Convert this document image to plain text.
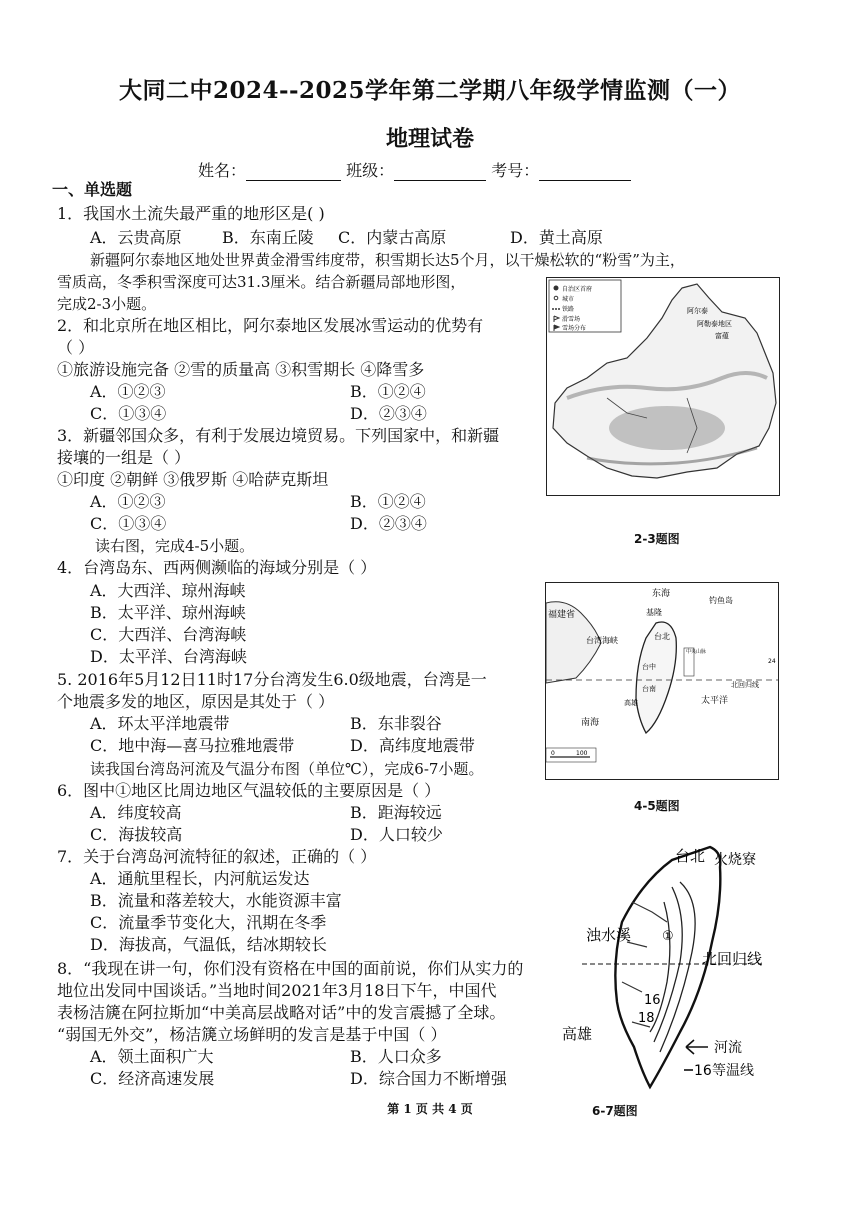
大同二中2024--2025学年第二学期八年级学情监测（一）
地理试卷
姓名：	班级：	考号：
一、单选题
1．我国水土流失最严重的地形区是( )
A．云贵高原	B．东南丘陵 C．内蒙古高原	D．黄土高原
新疆阿尔泰地区地处世界黄金滑雪纬度带，积雪期长达5个月，以干燥松软的“粉雪”为主，
雪质高，冬季积雪深度可达31.3厘米。结合新疆局部地形图，
完成2-3小题。
2．和北京所在地区相比，阿尔泰地区发展冰雪运动的优势有
（ ）
①旅游设施完备 ②雪的质量高 ③积雪期长 ④降雪多
A．①②③	B．①②④
C．①③④	D．②③④
3．新疆邻国众多，有利于发展边境贸易。下列国家中，和新疆
接壤的一组是（ ）
①印度 ②朝鲜 ③俄罗斯 ④哈萨克斯坦
A．①②③	B．①②④
C．①③④	D．②③④
读右图，完成4-5小题。
4．台湾岛东、西两侧濒临的海域分别是（ ）
A．大西洋、琼州海峡
B．太平洋、琼州海峡
C．大西洋、台湾海峡
D．太平洋、台湾海峡
5. 2016年5月12日11时17分台湾发生6.0级地震，台湾是一
个地震多发的地区，原因是其处于（ ）
A．环太平洋地震带	B．东非裂谷
C．地中海—喜马拉雅地震带	D．高纬度地震带
读我国台湾岛河流及气温分布图（单位℃），完成6-7小题。
6．图中①地区比周边地区气温较低的主要原因是（ ）
A．纬度较高	B．距海较远
C．海拔较高	D．人口较少
7．关于台湾岛河流特征的叙述，正确的（ ）
A．通航里程长，内河航运发达
B．流量和落差较大，水能资源丰富
C．流量季节变化大，汛期在冬季
D．海拔高，气温低，结冰期较长
8．“我现在讲一句，你们没有资格在中国的面前说，你们从实力的
地位出发同中国谈话。”当地时间2021年3月18日下午，中国代
表杨洁篪在阿拉斯加“中美高层战略对话”中的发言震撼了全球。
“弱国无外交”，杨洁篪立场鲜明的发言是基于中国（ ）
A．领土面积广大	B．人口众多
C．经济高速发展	D．综合国力不断增强
自治区首府
城市
铁路
滑雪场
雪场分布
阿尔泰
富蕴
阿勒泰地区
2-3题图
东海
福建省
台湾海峡
基隆
台北
钓鱼岛
台中
台南
高雄
南海
太平洋
北回归线
中央山脉
24
0	100
4-5题图
台北 火烧寮
浊水溪 ①
北回归线
16
18
高雄
河流
16 等温线
6-7题图
第 1 页 共 4 页
